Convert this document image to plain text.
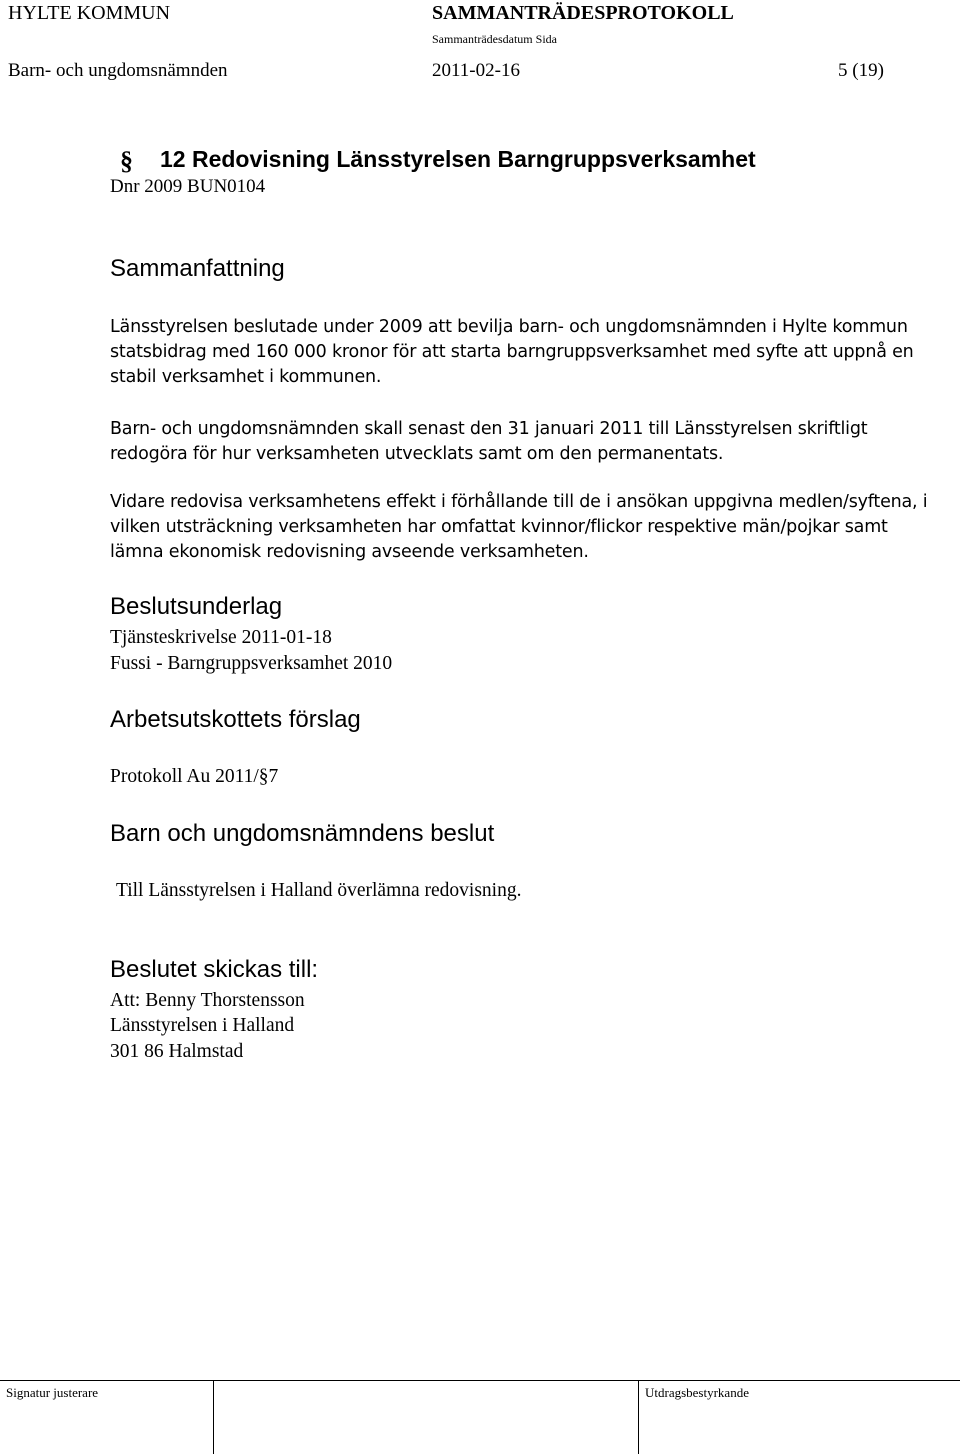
HYLTE KOMMUN	SAMMANTRÄDESPROTOKOLL
Sammanträdesdatum Sida
Barn- och ungdomsnämnden	2011-02-16	5 (19)
§ 12 Redovisning Länsstyrelsen Barngruppsverksamhet
Dnr 2009 BUN0104
Sammanfattning
Länsstyrelsen beslutade under 2009 att bevilja barn- och ungdomsnämnden i Hylte kommun
statsbidrag med 160 000 kronor för att starta barngruppsverksamhet med syfte att uppnå en
stabil verksamhet i kommunen.
Barn- och ungdomsnämnden skall senast den 31 januari 2011 till Länsstyrelsen skriftligt
redogöra för hur verksamheten utvecklats samt om den permanentats.
Vidare redovisa verksamhetens effekt i förhållande till de i ansökan uppgivna medlen/syftena, i
vilken utsträckning verksamheten har omfattat kvinnor/flickor respektive män/pojkar samt
lämna ekonomisk redovisning avseende verksamheten.
Beslutsunderlag
Tjänsteskrivelse 2011-01-18
Fussi - Barngruppsverksamhet 2010
Arbetsutskottets förslag
Protokoll Au 2011/§7
Barn och ungdomsnämndens beslut
Till Länsstyrelsen i Halland överlämna redovisning.
Beslutet skickas till:
Att: Benny Thorstensson
Länsstyrelsen i Halland
301 86 Halmstad
Signatur justerare	Utdragsbestyrkande
